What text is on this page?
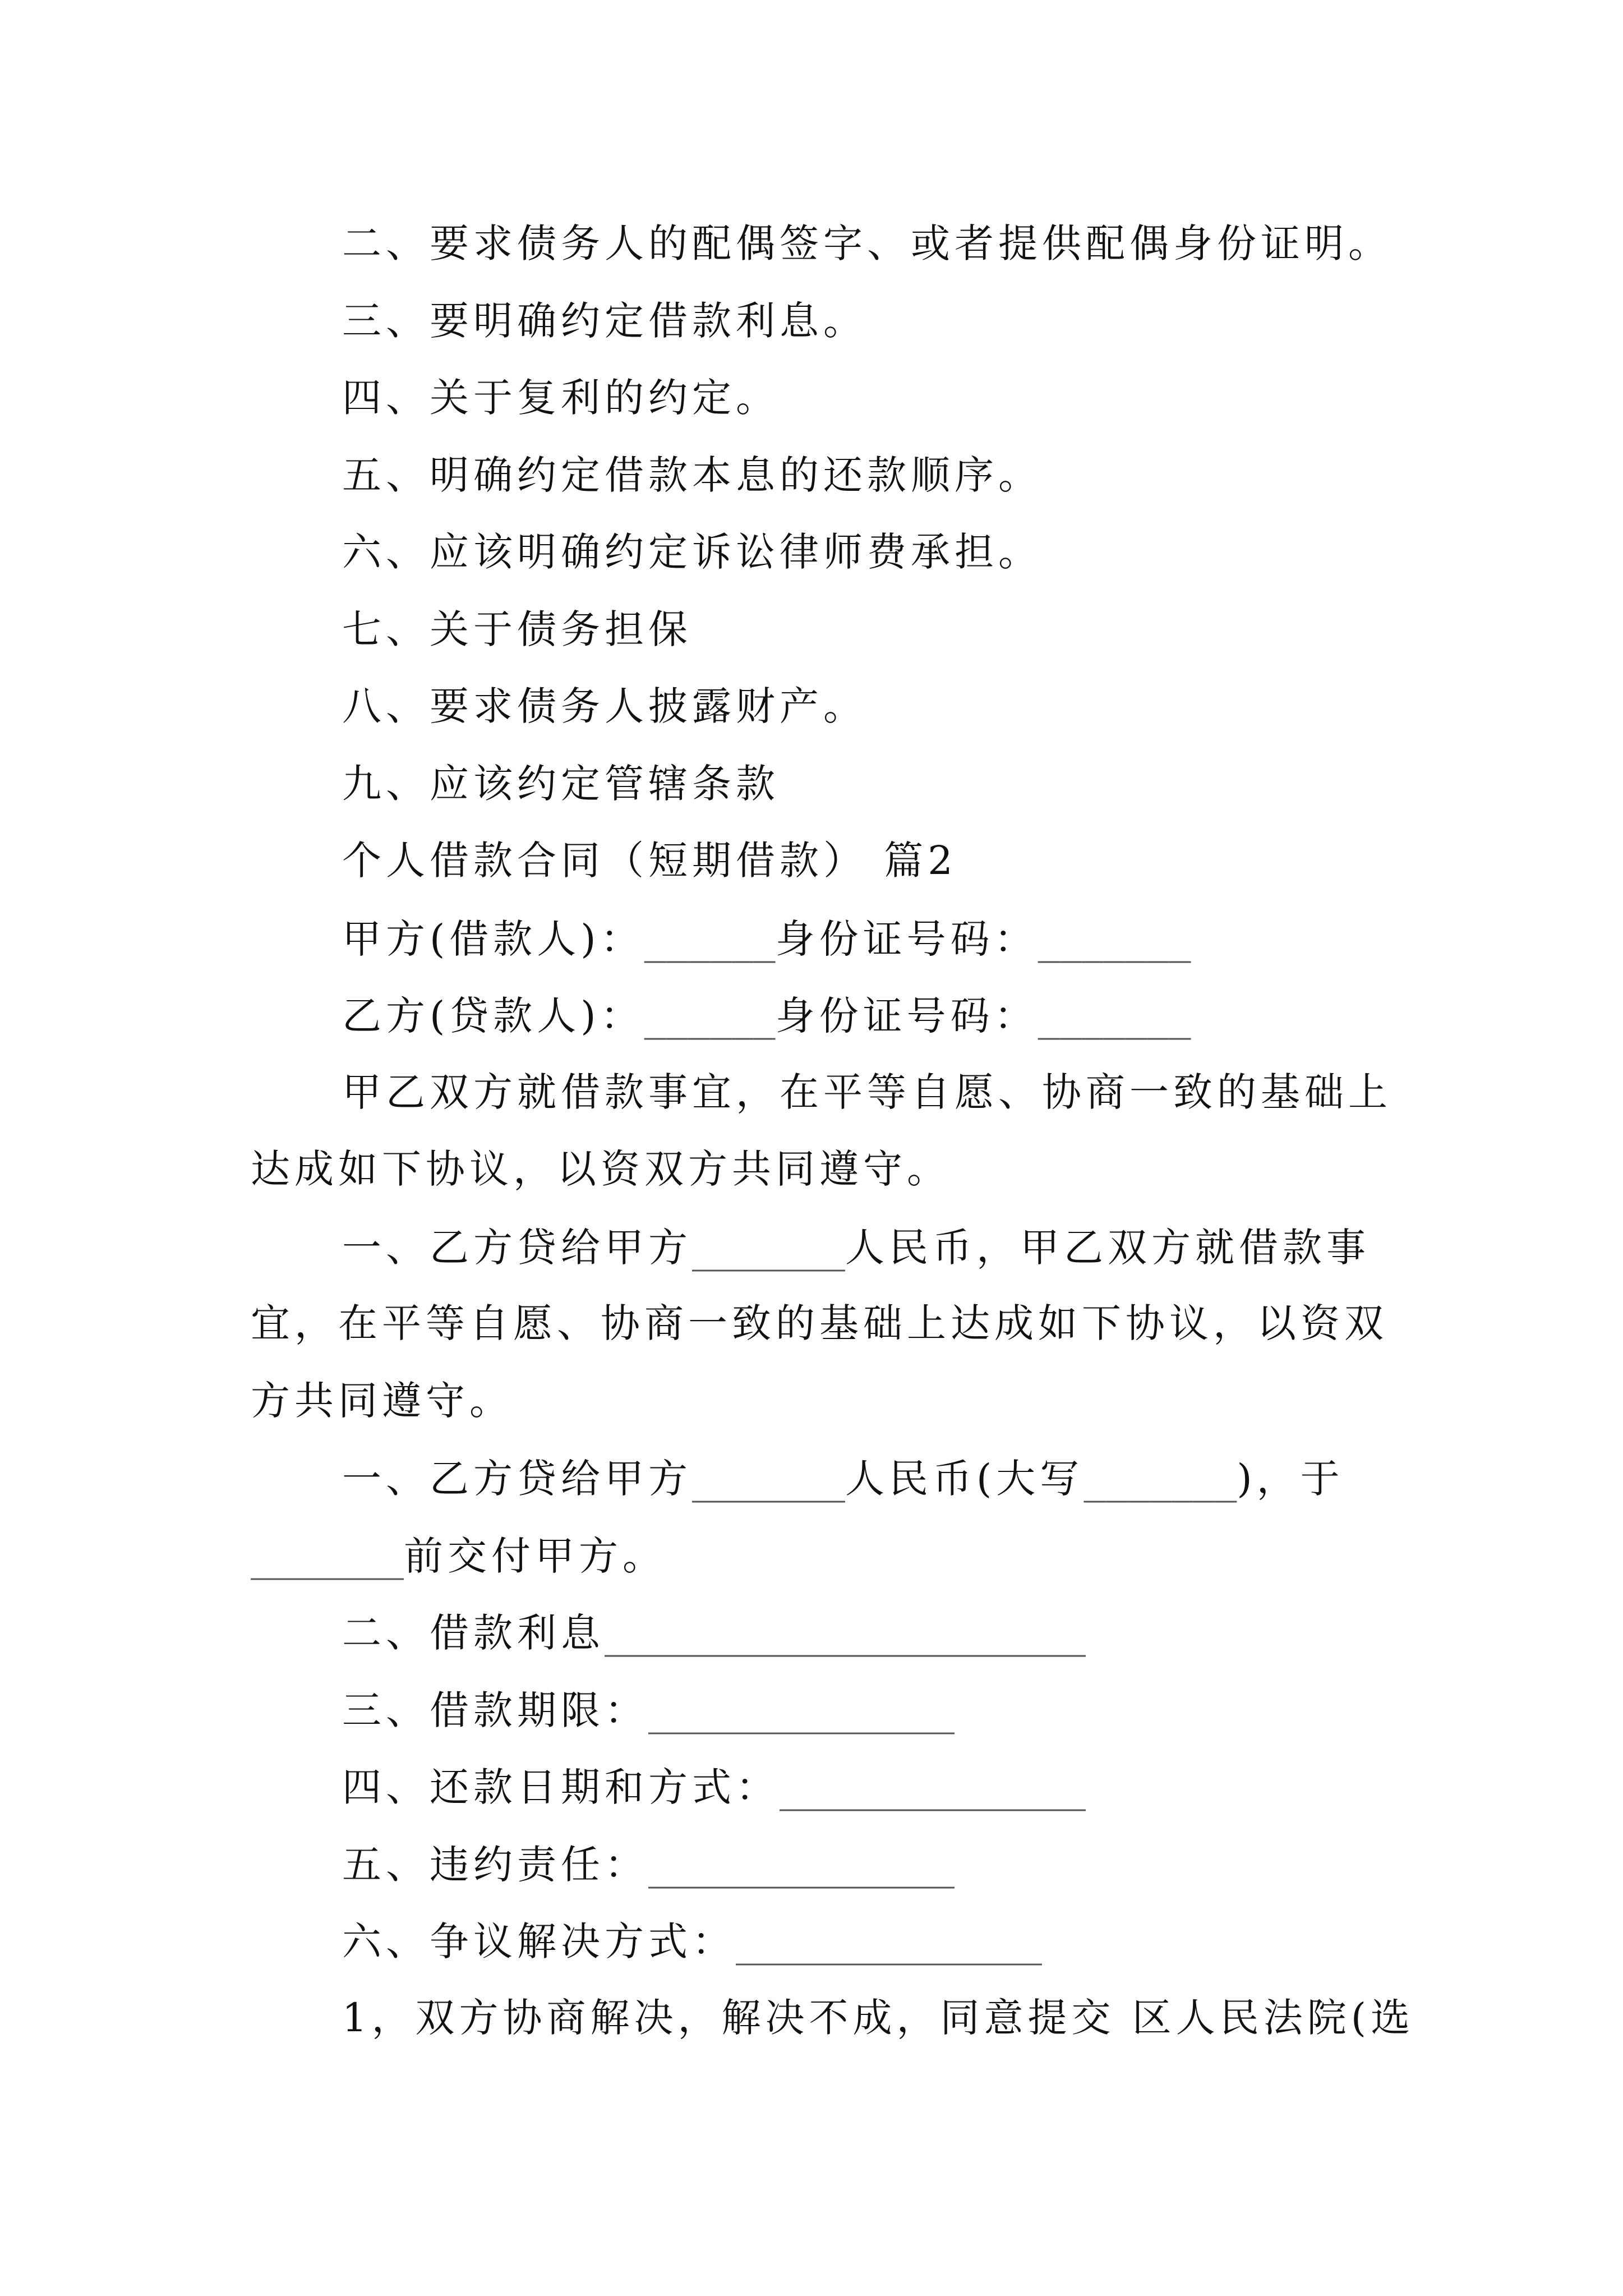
二、要求债务人的配偶签字、或者提供配偶身份证明。
三、要明确约定借款利息。
四、关于复利的约定。
五、明确约定借款本息的还款顺序。
六、应该明确约定诉讼律师费承担。
七、关于债务担保
八、要求债务人披露财产。
九、应该约定管辖条款
个人借款合同（短期借款） 篇2
甲方(借款人)：______身份证号码：_______
乙方(贷款人)：______身份证号码：_______
甲乙双方就借款事宜，在平等自愿、协商一致的基础上
达成如下协议，以资双方共同遵守。
一、乙方贷给甲方_______人民币，甲乙双方就借款事
宜，在平等自愿、协商一致的基础上达成如下协议，以资双
方共同遵守。
一、乙方贷给甲方_______人民币(大写_______)，于
_______前交付甲方。
二、借款利息______________________
三、借款期限：______________
四、还款日期和方式：______________
五、违约责任：______________
六、争议解决方式：______________
1，双方协商解决，解决不成，同意提交 区人民法院(选
